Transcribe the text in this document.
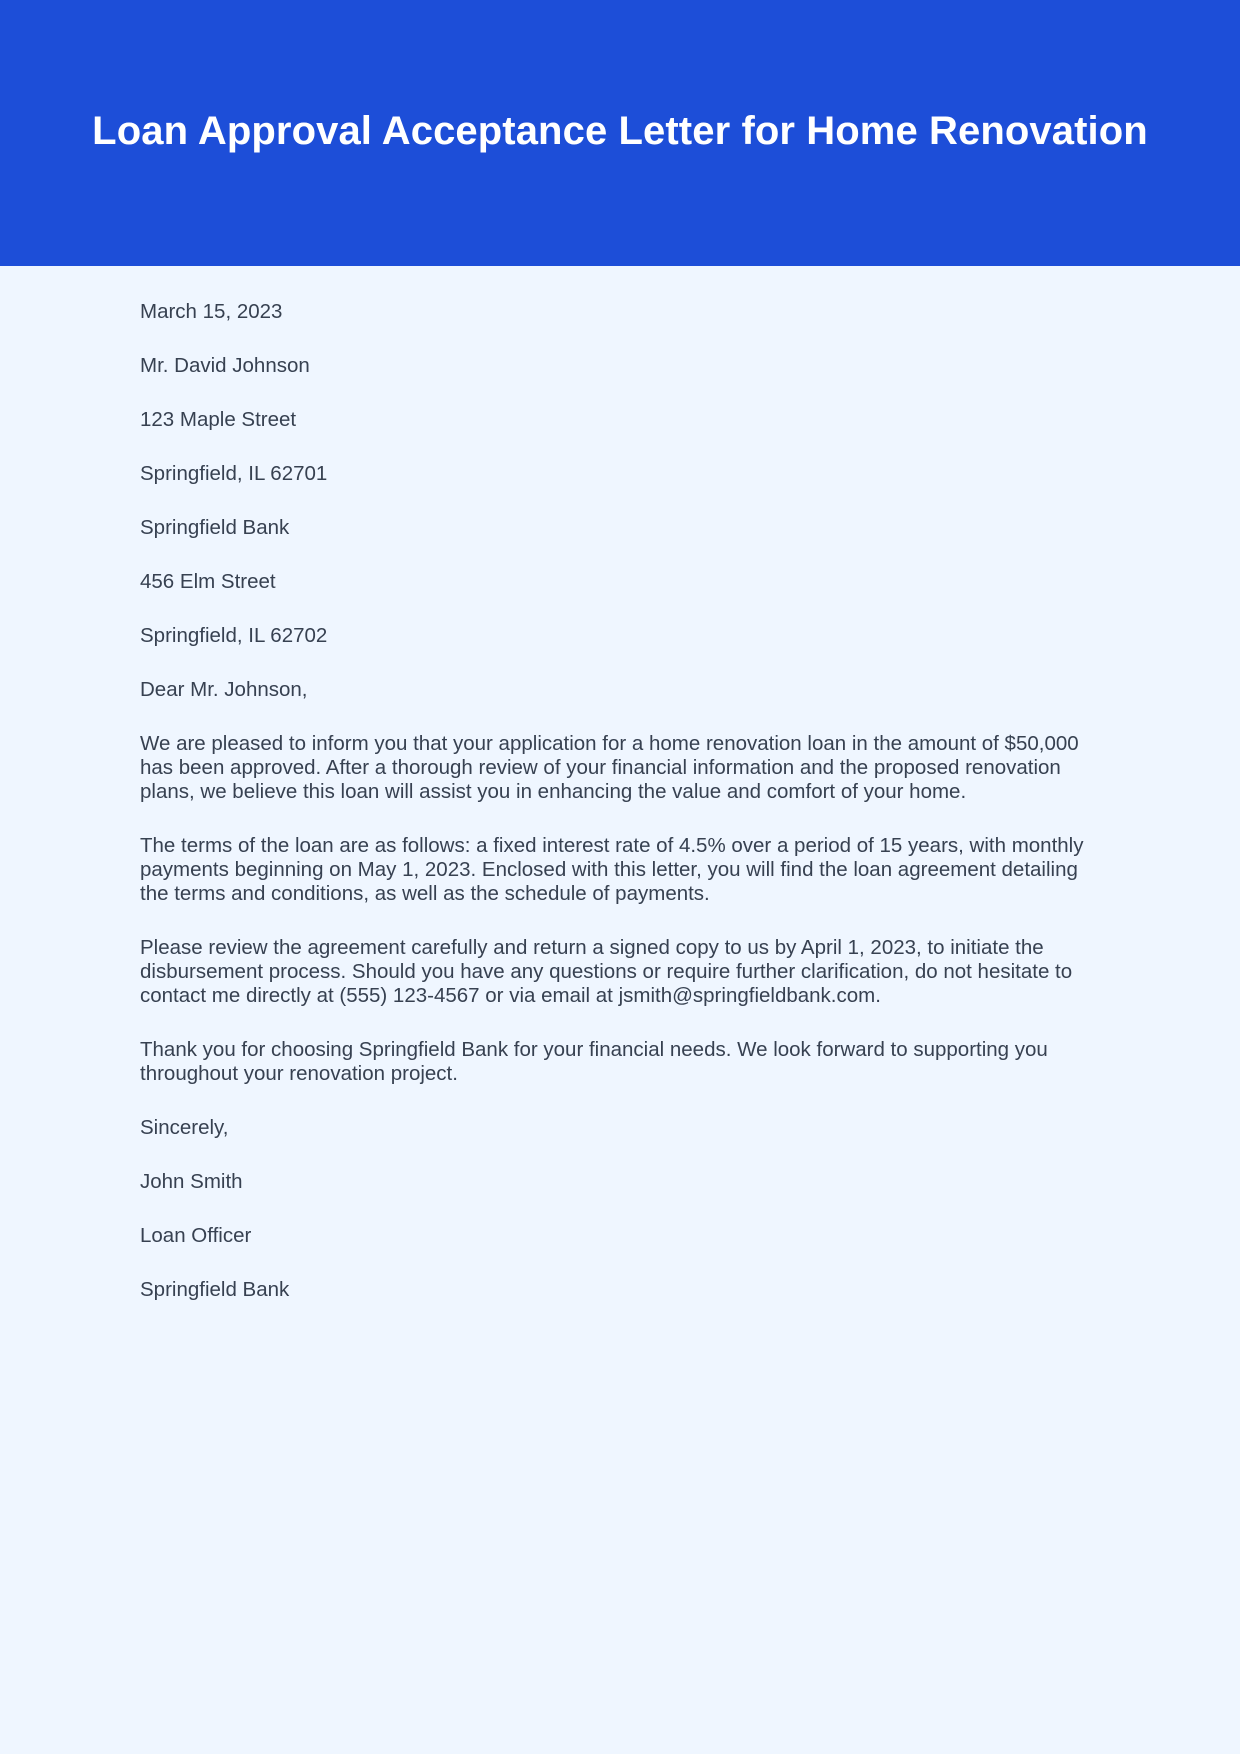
Loan Approval Acceptance Letter for Home Renovation

March 15, 2023

Mr. David Johnson

123 Maple Street

Springfield, IL 62701

Springfield Bank

456 Elm Street

Springfield, IL 62702

Dear Mr. Johnson,

We are pleased to inform you that your application for a home renovation loan in the amount of $50,000 has been approved. After a thorough review of your financial information and the proposed renovation plans, we believe this loan will assist you in enhancing the value and comfort of your home.

The terms of the loan are as follows: a fixed interest rate of 4.5% over a period of 15 years, with monthly payments beginning on May 1, 2023. Enclosed with this letter, you will find the loan agreement detailing the terms and conditions, as well as the schedule of payments.

Please review the agreement carefully and return a signed copy to us by April 1, 2023, to initiate the disbursement process. Should you have any questions or require further clarification, do not hesitate to contact me directly at (555) 123-4567 or via email at jsmith@springfieldbank.com.

Thank you for choosing Springfield Bank for your financial needs. We look forward to supporting you throughout your renovation project.

Sincerely,

John Smith

Loan Officer

Springfield Bank
